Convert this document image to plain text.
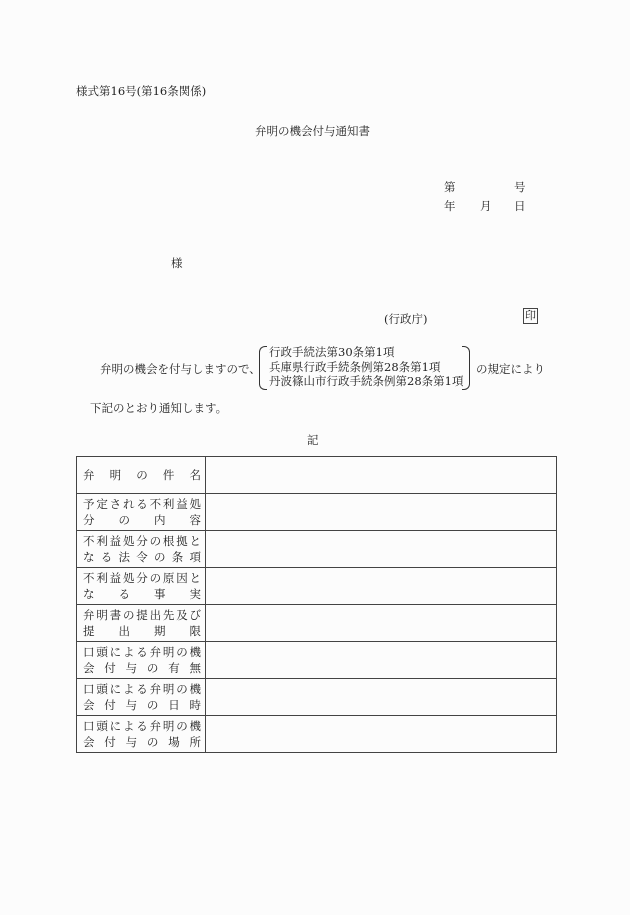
様式第16号(第16条関係)
弁明の機会付与通知書
第	号
年 月 日
様
(行政庁)	印
弁明の機会を付与しますので、
行政手続法第30条第1項
兵庫県行政手続条例第28条第1項
丹波篠山市行政手続条例第28条第1項
の規定により
下記のとおり通知します。
記
弁 明 の 件 名	

予 定 さ れ る 不 利 益 処
分 の 内 容

不 利 益 処 分 の 根 拠 と
な る 法 令 の 条 項

不 利 益 処 分 の 原 因 と
な る 事 実

弁 明 書 の 提 出 先 及 び
提 出 期 限

口 頭 に よ る 弁 明 の 機
会 付 与 の 有 無

口 頭 に よ る 弁 明 の 機
会 付 与 の 日 時

口 頭 に よ る 弁 明 の 機
会 付 与 の 場 所
